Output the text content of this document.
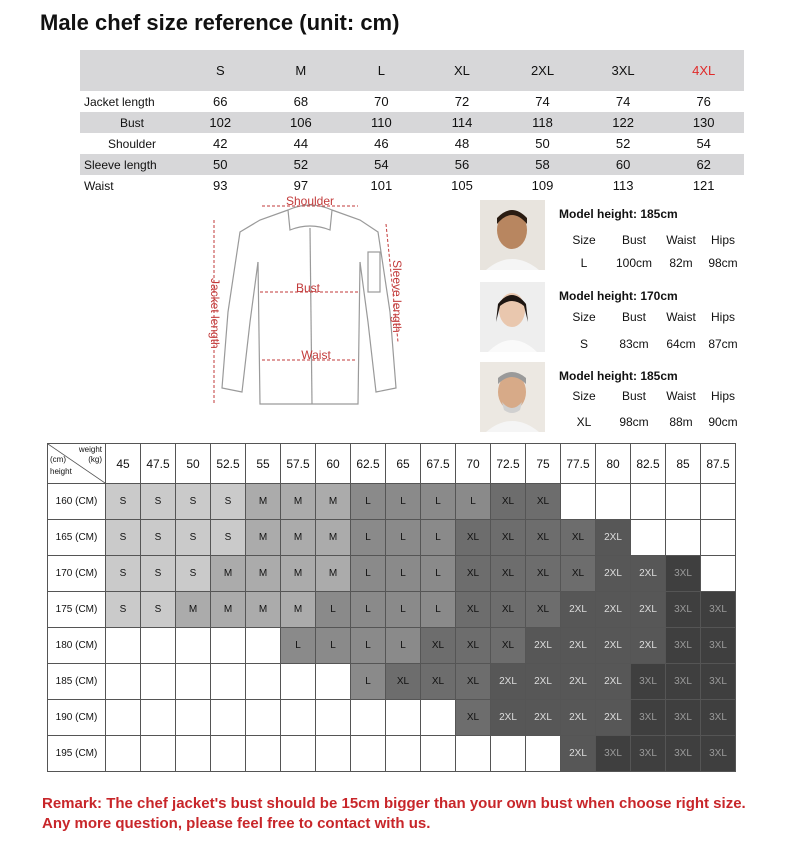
Male chef size reference (unit: cm)
	S	M	L	XL	2XL	3XL	4XL
Jacket length	66	68	70	72	74	74	76
Bust	102	106	110	114	118	122	130
Shoulder	42	44	46	48	50	52	54
Sleeve length	50	52	54	56	58	60	62
Waist	93	97	101	105	109	113	121
Shoulder
Bust
Waist
Jacket length	Sleeve length
Model height: 185cm
Size	Bust	Waist	Hips
L	100cm	82m	98cm
Model height: 170cm
Size	Bust	Waist	Hips
S	83cm	64cm	87cm
Model height: 185cm
Size	Bust	Waist	Hips
XL	98cm	88m	90cm
weight
(kg)
(cm)
height	45	47.5	50	52.5	55	57.5	60	62.5	65	67.5	70	72.5	75	77.5	80	82.5	85	87.5
160 (CM)	S	S	S	S	M	M	M	L	L	L	L	XL	XL					
165 (CM)	S	S	S	S	M	M	M	L	L	L	XL	XL	XL	XL	2XL			
170 (CM)	S	S	S	M	M	M	M	L	L	L	XL	XL	XL	XL	2XL	2XL	3XL	
175 (CM)	S	S	M	M	M	M	L	L	L	L	XL	XL	XL	2XL	2XL	2XL	3XL	3XL
180 (CM)						L	L	L	L	XL	XL	XL	2XL	2XL	2XL	2XL	3XL	3XL
185 (CM)								L	XL	XL	XL	2XL	2XL	2XL	2XL	3XL	3XL	3XL
190 (CM)											XL	2XL	2XL	2XL	2XL	3XL	3XL	3XL
195 (CM)														2XL	3XL	3XL	3XL	3XL
Remark: The chef jacket's bust should be 15cm bigger than your own bust when choose right size. Any more question, please feel free to contact with us.
